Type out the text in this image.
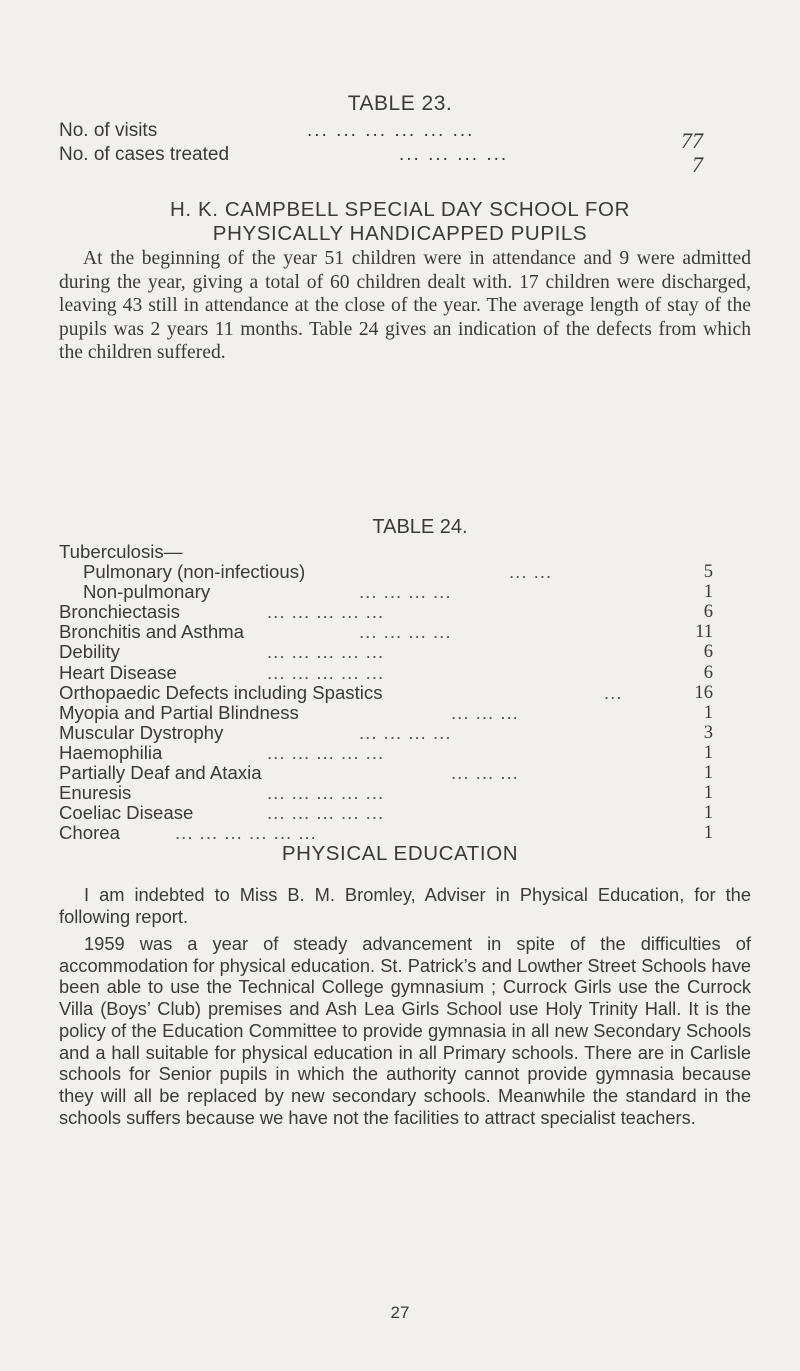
TABLE 23.
No. of visits	... ... ... ... ... ...	77
No. of cases treated	... ... ... ...	7
H. K. CAMPBELL SPECIAL DAY SCHOOL FOR
PHYSICALLY HANDICAPPED PUPILS
At the beginning of the year 51 children were in attendance and 9 were admitted during the year, giving a total of 60 children dealt with. 17 children were discharged, leaving 43 still in attendance at the close of the year. The average length of stay of the pupils was 2 years 11 months. Table 24 gives an indication of the defects from which the children suffered.
TABLE 24.
Tuberculosis—
Pulmonary (non-infectious)	... ...	5
Non-pulmonary	... ... ... ...	1
Bronchiectasis	... ... ... ... ...	6
Bronchitis and Asthma	... ... ... ...	11
Debility	... ... ... ... ...	6
Heart Disease	... ... ... ... ...	6
Orthopaedic Defects including Spastics	...	16
Myopia and Partial Blindness	... ... ...	1
Muscular Dystrophy	... ... ... ...	3
Haemophilia	... ... ... ... ...	1
Partially Deaf and Ataxia	... ... ...	1
Enuresis	... ... ... ... ...	1
Coeliac Disease	... ... ... ... ...	1
Chorea	... ... ... ... ... ...	1
PHYSICAL EDUCATION
I am indebted to Miss B. M. Bromley, Adviser in Physical Education, for the following report.
1959 was a year of steady advancement in spite of the difficulties of accommodation for physical education. St. Patrick’s and Lowther Street Schools have been able to use the Technical College gymnasium ; Currock Girls use the Currock Villa (Boys’ Club) premises and Ash Lea Girls School use Holy Trinity Hall. It is the policy of the Education Committee to provide gymnasia in all new Secondary Schools and a hall suitable for physical education in all Primary schools. There are in Carlisle schools for Senior pupils in which the authority cannot provide gymnasia because they will all be replaced by new secondary schools. Meanwhile the standard in the schools suffers because we have not the facilities to attract specialist teachers.
27
